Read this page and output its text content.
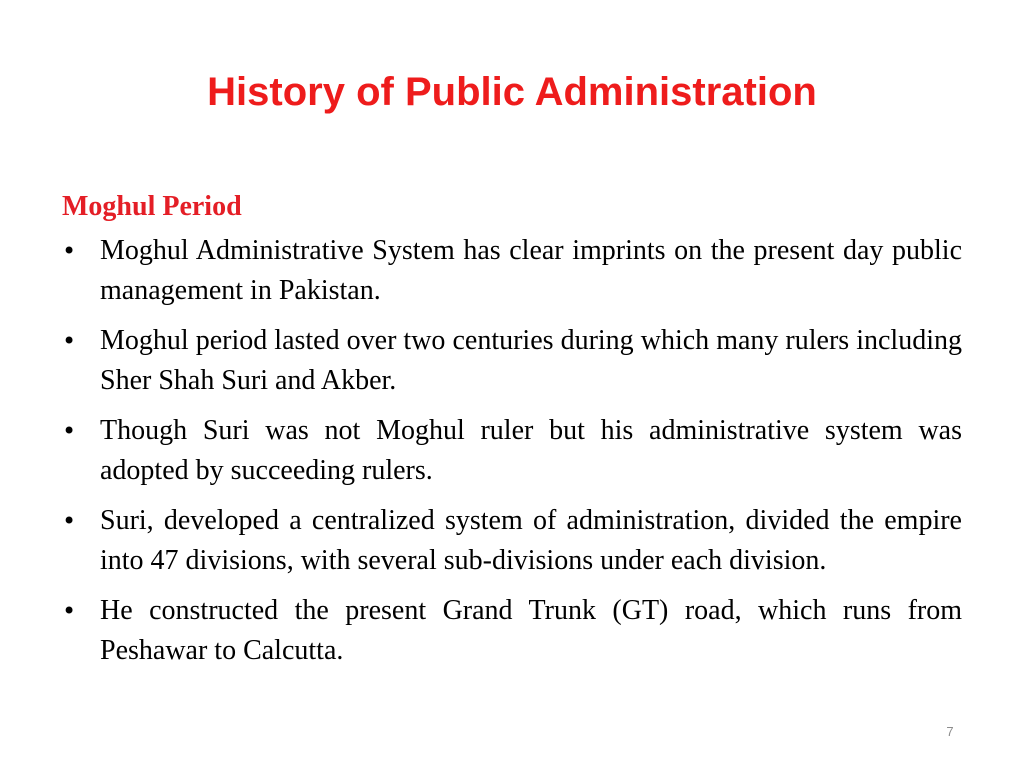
History of Public Administration
Moghul Period
• Moghul Administrative System has clear imprints on the present day public management in Pakistan.
• Moghul period lasted over two centuries during which many rulers including Sher Shah Suri and Akber.
• Though Suri was not Moghul ruler but his administrative system was adopted by succeeding rulers.
• Suri, developed a centralized system of administration, divided the empire into 47 divisions, with several sub-divisions under each division.
• He constructed the present Grand Trunk (GT) road, which runs from Peshawar to Calcutta.
7
